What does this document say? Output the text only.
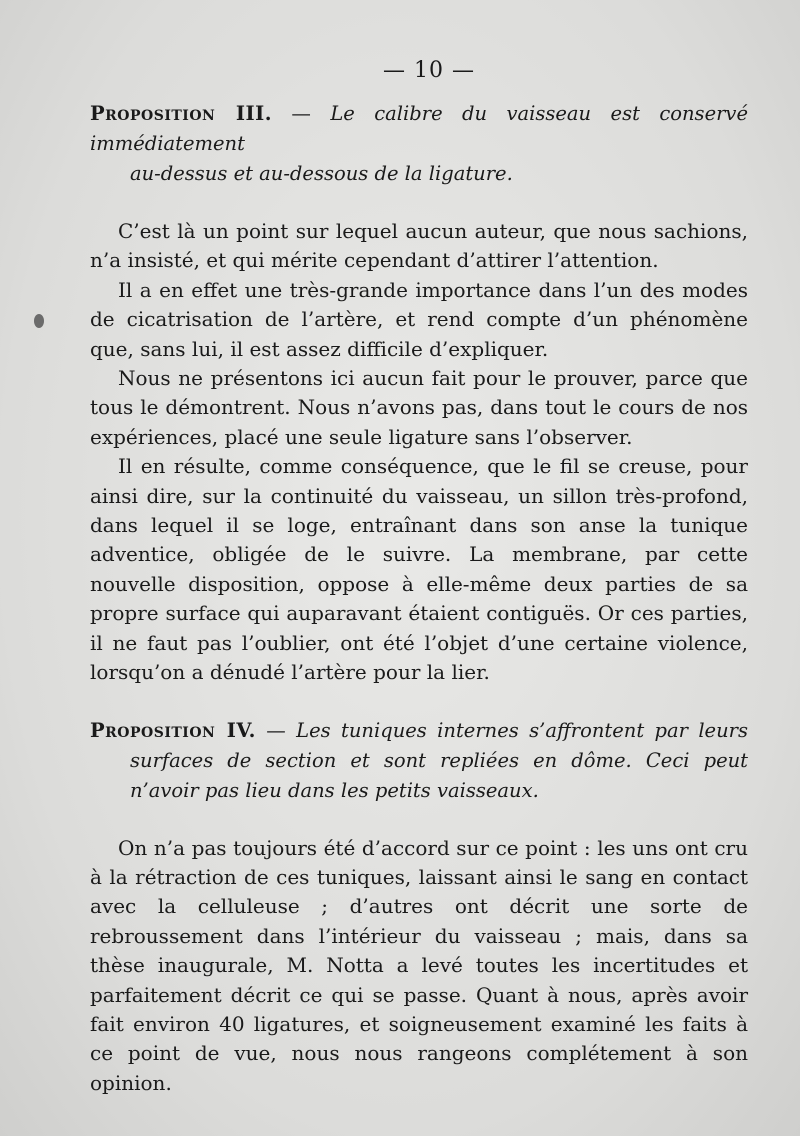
— 10 —

Proposition III. — Le calibre du vaisseau est conservé immédiatement

au-dessus et au-dessous de la ligature.

C’est là un point sur lequel aucun auteur, que nous sachions, n’a insisté, et qui mérite cependant d’attirer l’attention.

Il a en effet une très-grande importance dans l’un des modes de cicatrisation de l’artère, et rend compte d’un phénomène que, sans lui, il est assez difficile d’expliquer.

Nous ne présentons ici aucun fait pour le prouver, parce que tous le démontrent. Nous n’avons pas, dans tout le cours de nos expériences, placé une seule ligature sans l’observer.

Il en résulte, comme conséquence, que le fil se creuse, pour ainsi dire, sur la continuité du vaisseau, un sillon très-profond, dans lequel il se loge, entraînant dans son anse la tunique adventice, obligée de le suivre. La membrane, par cette nouvelle disposition, oppose à elle-même deux parties de sa propre surface qui auparavant étaient contiguës. Or ces parties, il ne faut pas l’oublier, ont été l’objet d’une certaine violence, lorsqu’on a dénudé l’artère pour la lier.

Proposition IV. — Les tuniques internes s’affrontent par leurs

surfaces de section et sont repliées en dôme. Ceci peut n’avoir pas lieu dans les petits vaisseaux.

On n’a pas toujours été d’accord sur ce point : les uns ont cru à la rétraction de ces tuniques, laissant ainsi le sang en contact avec la celluleuse ; d’autres ont décrit une sorte de rebroussement dans l’intérieur du vaisseau ; mais, dans sa thèse inaugurale, M. Notta a levé toutes les incertitudes et parfaitement décrit ce qui se passe. Quant à nous, après avoir fait environ 40 ligatures, et soigneusement examiné les faits à ce point de vue, nous nous rangeons complétement à son opinion.
